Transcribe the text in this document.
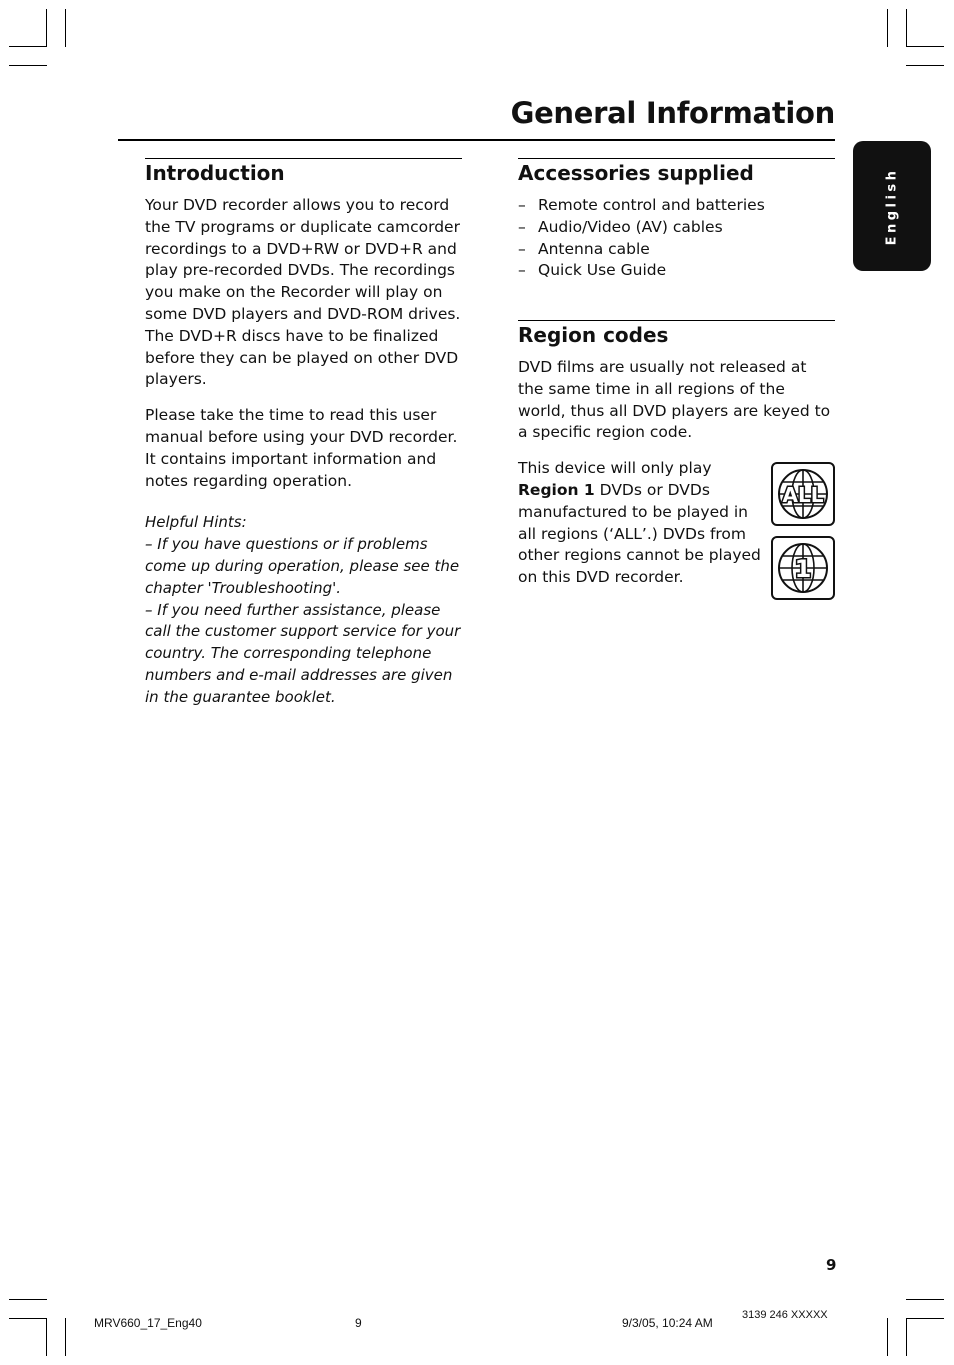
General Information
English
Introduction

Your DVD recorder allows you to record the TV programs or duplicate camcorder recordings to a DVD+RW or DVD+R and play pre-recorded DVDs. The recordings you make on the Recorder will play on some DVD players and DVD-ROM drives. The DVD+R discs have to be finalized before they can be played on other DVD players.

Please take the time to read this user manual before using your DVD recorder. It contains important information and notes regarding operation.

Helpful Hints:

– If you have questions or if problems come up during operation, please see the chapter 'Troubleshooting'.

– If you need further assistance, please call the customer support service for your country. The corresponding telephone numbers and e-mail addresses are given in the guarantee booklet.

Accessories supplied
– Remote control and batteries
– Audio/Video (AV) cables
– Antenna cable
– Quick Use Guide
Region codes

DVD films are usually not released at the same time in all regions of the world, thus all DVD players are keyed to a specific region code.

This device will only play
Region 1 DVDs or DVDs manufactured to be played in all regions (‘ALL’.) DVDs from other regions cannot be played on this DVD recorder.

ALL
1
9
MRV660_17_Eng40	9	9/3/05, 10:24 AM
3139 246 XXXXX
